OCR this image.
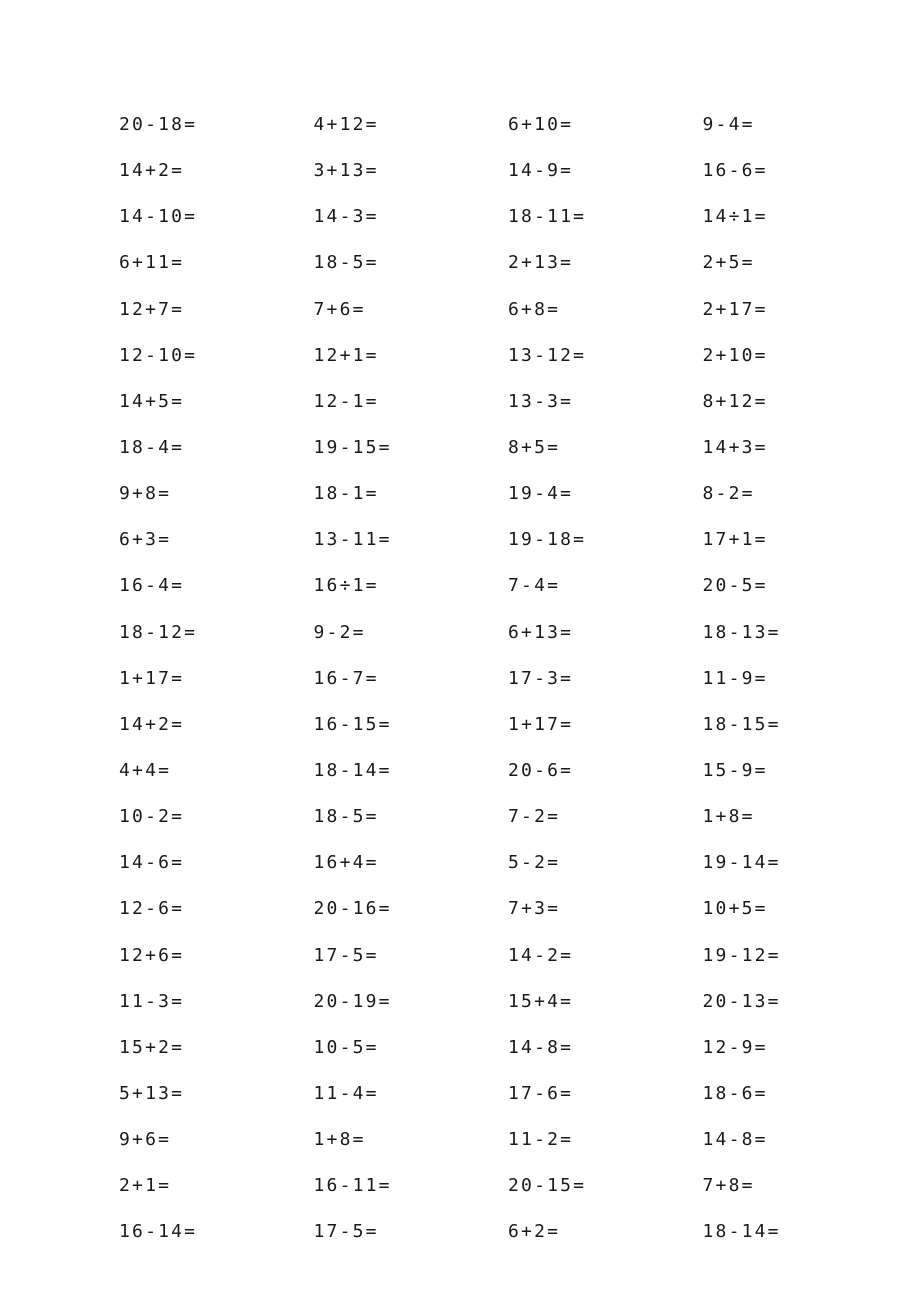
20-18=	4+12=	6+10=	9-4=
14+2=	3+13=	14-9=	16-6=
14-10=	14-3=	18-11=	14÷1=
6+11=	18-5=	2+13=	2+5=
12+7=	7+6=	6+8=	2+17=
12-10=	12+1=	13-12=	2+10=
14+5=	12-1=	13-3=	8+12=
18-4=	19-15=	8+5=	14+3=
9+8=	18-1=	19-4=	8-2=
6+3=	13-11=	19-18=	17+1=
16-4=	16÷1=	7-4=	20-5=
18-12=	9-2=	6+13=	18-13=
1+17=	16-7=	17-3=	11-9=
14+2=	16-15=	1+17=	18-15=
4+4=	18-14=	20-6=	15-9=
10-2=	18-5=	7-2=	1+8=
14-6=	16+4=	5-2=	19-14=
12-6=	20-16=	7+3=	10+5=
12+6=	17-5=	14-2=	19-12=
11-3=	20-19=	15+4=	20-13=
15+2=	10-5=	14-8=	12-9=
5+13=	11-4=	17-6=	18-6=
9+6=	1+8=	11-2=	14-8=
2+1=	16-11=	20-15=	7+8=
16-14=	17-5=	6+2=	18-14=
